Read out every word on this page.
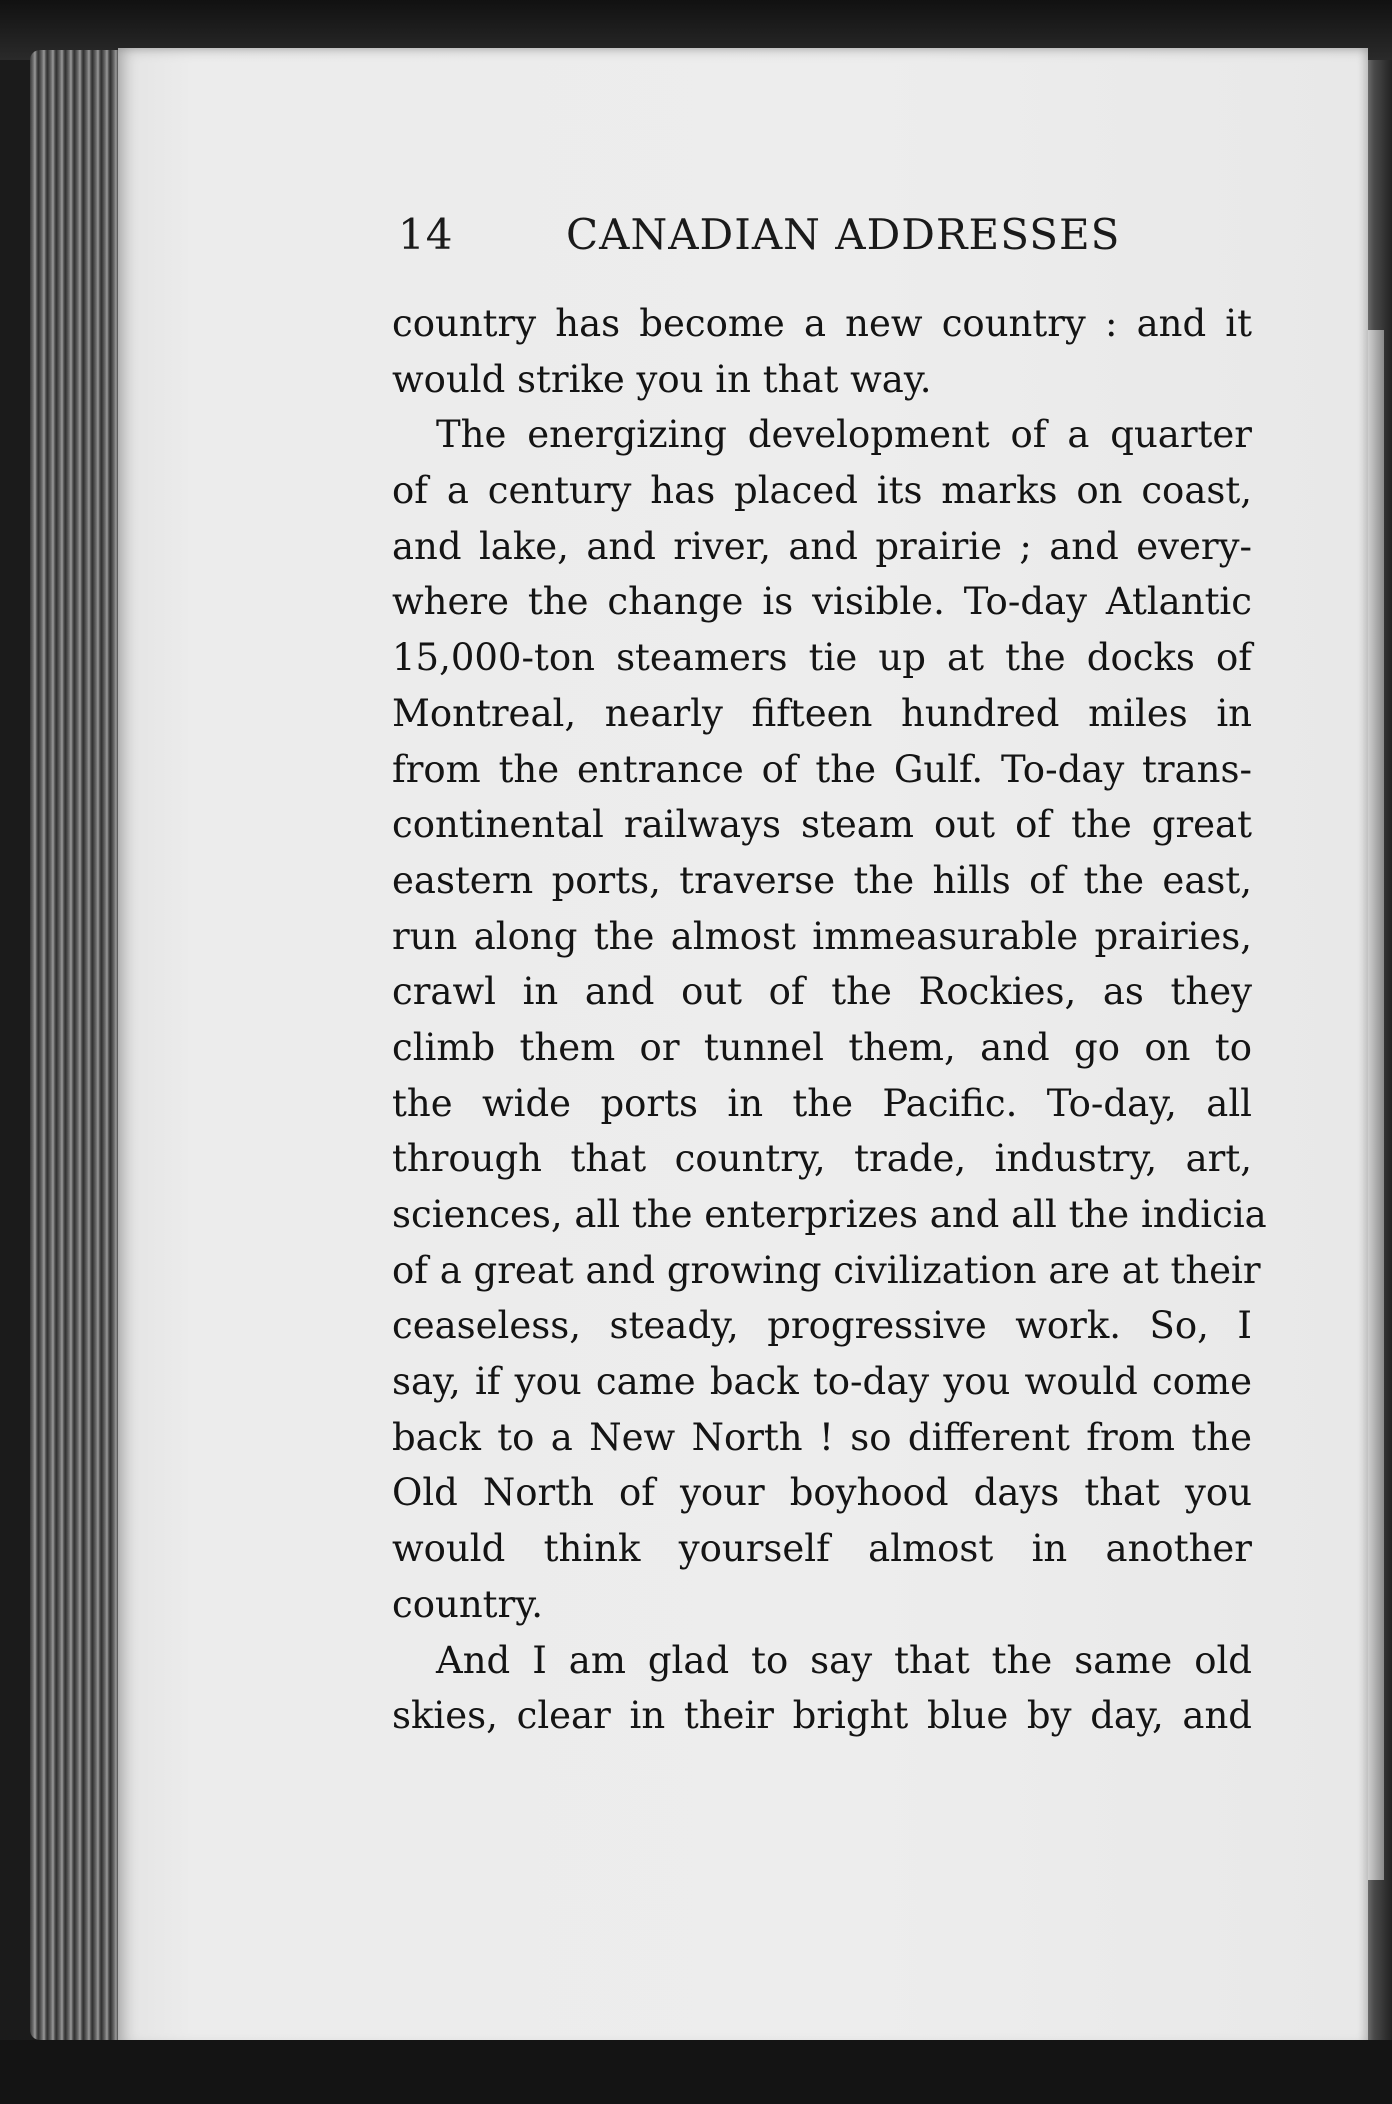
14	CANADIAN ADDRESSES
country has become a new country : and it
would strike you in that way.
The energizing development of a quarter
of a century has placed its marks on coast,
and lake, and river, and prairie ; and every-
where the change is visible. To-day Atlantic
15,000-ton steamers tie up at the docks of
Montreal, nearly fifteen hundred miles in
from the entrance of the Gulf. To-day trans-
continental railways steam out of the great
eastern ports, traverse the hills of the east,
run along the almost immeasurable prairies,
crawl in and out of the Rockies, as they
climb them or tunnel them, and go on to
the wide ports in the Pacific. To-day, all
through that country, trade, industry, art,
sciences, all the enterprizes and all the indicia
of a great and growing civilization are at their
ceaseless, steady, progressive work. So, I
say, if you came back to-day you would come
back to a New North ! so different from the
Old North of your boyhood days that you
would think yourself almost in another
country.
And I am glad to say that the same old
skies, clear in their bright blue by day, and
